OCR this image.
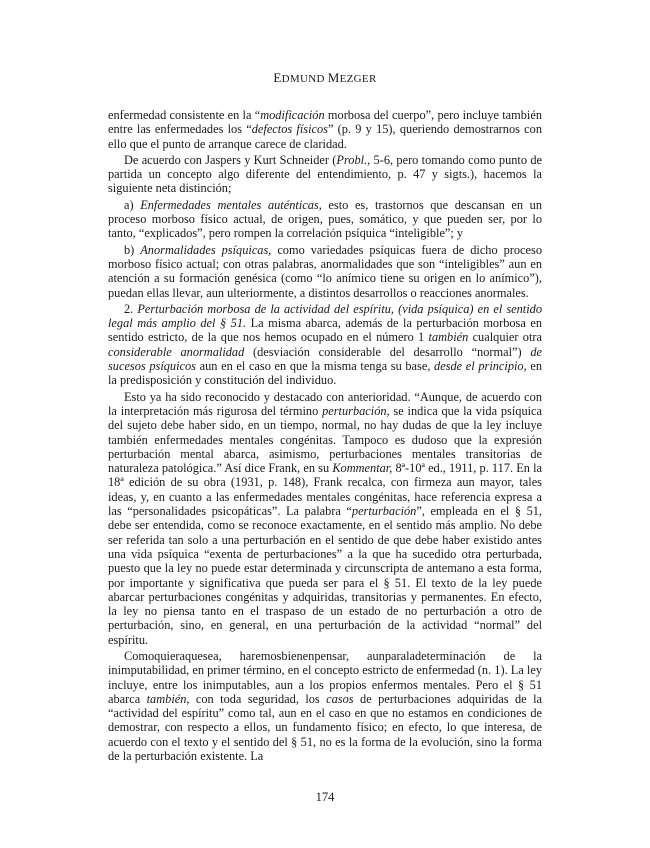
EDMUND MEZGER

enfermedad consistente en la “modificación morbosa del cuerpo”, pero incluye también entre las enfermedades los “defectos físicos” (p. 9 y 15), queriendo demostrarnos con ello que el punto de arranque carece de claridad.

De acuerdo con Jaspers y Kurt Schneider (Probl., 5-6, pero tomando como punto de partida un concepto algo diferente del entendimiento, p. 47 y sigts.), hacemos la siguiente neta distinción;

a) Enfermedades mentales auténticas, esto es, trastornos que descansan en un proceso morboso físico actual, de origen, pues, somático, y que pueden ser, por lo tanto, “explicados”, pero rompen la correlación psíquica “inteligible”; y

b) Anormalidades psíquicas, como variedades psíquicas fuera de dicho proceso morboso físico actual; con otras palabras, anormalidades que son “inteligibles” aun en atención a su formación genésica (como “lo anímico tiene su origen en lo anímico”), puedan ellas llevar, aun ulteriormente, a distintos desarrollos o reacciones anormales.

2. Perturbación morbosa de la actividad del espíritu, (vida psíquica) en el sentido legal más amplio del § 51. La misma abarca, además de la perturbación morbosa en sentido estricto, de la que nos hemos ocupado en el número 1 también cualquier otra considerable anormalidad (desviación considerable del desarrollo “normal”) de sucesos psíquicos aun en el caso en que la misma tenga su base, desde el principio, en la predisposición y constitución del individuo.

Esto ya ha sido reconocido y destacado con anterioridad. “Aunque, de acuerdo con la interpretación más rigurosa del término perturbación, se indica que la vida psíquica del sujeto debe haber sido, en un tiempo, normal, no hay dudas de que la ley incluye también enfermedades mentales congénitas. Tampoco es dudoso que la expresión perturbación mental abarca, asimismo, perturbaciones mentales transitorias de naturaleza patológica.” Así dice Frank, en su Kommentar, 8ª-10ª ed., 1911, p. 117. En la 18ª edición de su obra (1931, p. 148), Frank recalca, con firmeza aun mayor, tales ideas, y, en cuanto a las enfermedades mentales congénitas, hace referencia expresa a las “personalidades psicopáticas”. La palabra “perturbación”, empleada en el § 51, debe ser entendida, como se reconoce exactamente, en el sentido más amplio. No debe ser referida tan solo a una perturbación en el sentido de que debe haber existido antes una vida psíquica “exenta de perturbaciones” a la que ha sucedido otra perturbada, puesto que la ley no puede estar determinada y circunscripta de antemano a esta forma, por importante y significativa que pueda ser para el § 51. El texto de la ley puede abarcar perturbaciones congénitas y adquiridas, transitorias y permanentes. En efecto, la ley no piensa tanto en el traspaso de un estado de no perturbación a otro de perturbación, sino, en general, en una perturbación de la actividad “normal” del espíritu.

Comoquieraquesea, haremosbienenpensar, aunparaladeterminación de la inimputabilidad, en primer término, en el concepto estricto de enfermedad (n. 1). La ley incluye, entre los inimputables, aun a los propios enfermos mentales. Pero el § 51 abarca también, con toda seguridad, los casos de perturbaciones adquiridas de la “actividad del espíritu” como tal, aun en el caso en que no estamos en condiciones de demostrar, con respecto a ellos, un fundamento físico; en efecto, lo que interesa, de acuerdo con el texto y el sentido del § 51, no es la forma de la evolución, sino la forma de la perturbación existente. La

174
